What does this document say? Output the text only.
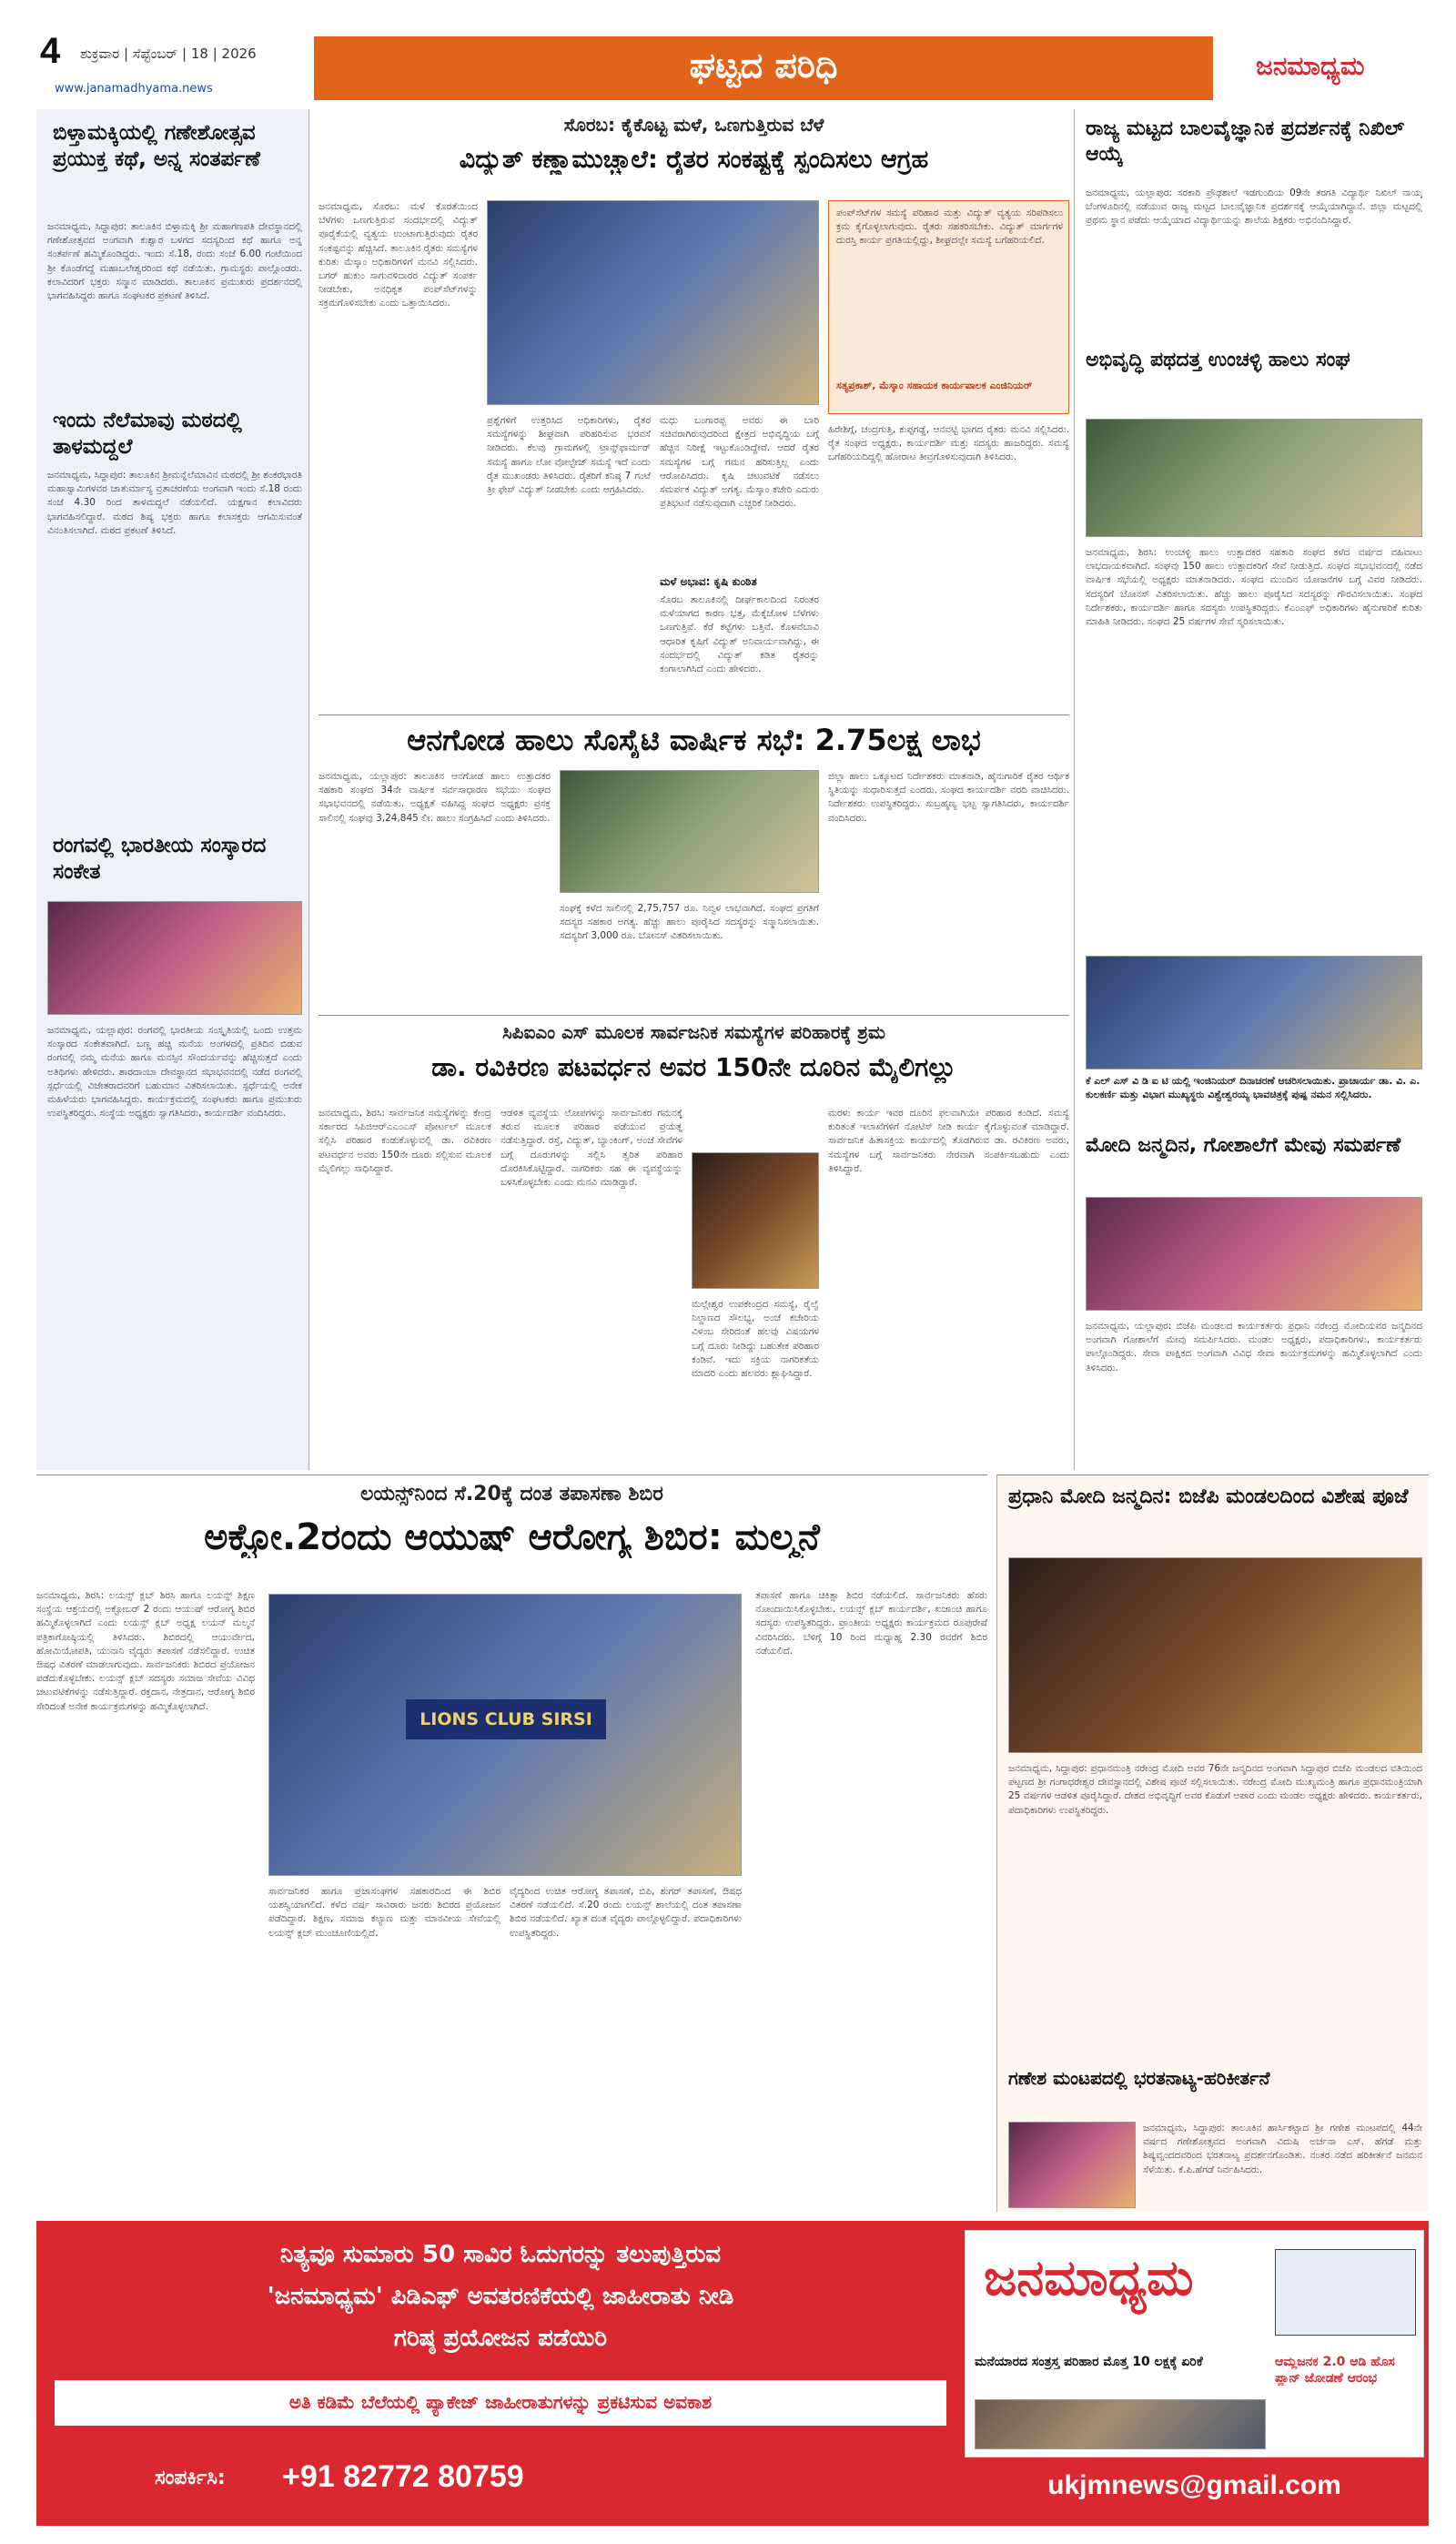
4 ಶುಕ್ರವಾರ | ಸೆಪ್ಟೆಂಬರ್ | 18 | 2026
www.janamadhyama.news
ಘಟ್ಟದ ಪರಿಧಿ	ಜನಮಾಧ್ಯಮ
ಬಿಳ್ತಾಮಕ್ಕಿಯಲ್ಲಿ ಗಣೇಶೋತ್ಸವ ಪ್ರಯುಕ್ತ ಕಥೆ, ಅನ್ನ ಸಂತರ್ಪಣೆ
ಜನಮಾಧ್ಯಮ, ಸಿದ್ದಾಪುರ: ತಾಲೂಕಿನ ಬಿಳ್ತಾಮಕ್ಕಿ ಶ್ರೀ ಮಹಾಗಣಪತಿ ದೇವಸ್ಥಾನದಲ್ಲಿ ಗಣೇಶೋತ್ಸವದ ಅಂಗವಾಗಿ ಕುಶ್ವಾರ ಬಳಗದ ಸದಸ್ಯರಿಂದ ಕಥೆ ಹಾಗೂ ಅನ್ನ ಸಂತರ್ಪಣೆ ಹಮ್ಮಿಕೊಂಡಿದ್ದರು. ಇಂದು ಸೆ.18, ರಂದು ಸಂಜೆ 6.00 ಗಂಟೆಯಿಂದ ಶ್ರೀ ಕೊಂಡೆಗದ್ದೆ ಮಹಾಬಲೇಶ್ವರರಿಂದ ಕಥೆ ನಡೆಯಿತು. ಗ್ರಾಮಸ್ಥರು ಪಾಲ್ಗೊಂಡರು. ಕಲಾವಿದರಿಗೆ ಭಕ್ತರು ಸನ್ಮಾನ ಮಾಡಿದರು. ತಾಲೂಕಿನ ಪ್ರಮುಖರು ಪ್ರದರ್ಶನದಲ್ಲಿ ಭಾಗವಹಿಸಿದ್ದರು ಹಾಗೂ ಸಂಘಟಕರ ಪ್ರಕಟಣೆ ತಿಳಿಸಿದೆ.
ಇಂದು ನೆಲೆಮಾವು ಮಠದಲ್ಲಿ ತಾಳಮದ್ದಲೆ
ಜನಮಾಧ್ಯಮ, ಸಿದ್ದಾಪುರ: ತಾಲೂಕಿನ ಶ್ರೀಮನ್ನೆಲೆಮಾವಿನ ಮಠದಲ್ಲಿ ಶ್ರೀ ಶಂಕರಭಾರತಿ ಮಹಾಸ್ವಾಮಿಗಳವರ ಚಾತುರ್ಮಾಸ್ಯ ವ್ರತಾಚರಣೆಯ ಅಂಗವಾಗಿ ಇಂದು ಸೆ.18 ರಂದು ಸಂಜೆ 4.30 ರಿಂದ ತಾಳಮದ್ದಲೆ ನಡೆಯಲಿದೆ. ಯಕ್ಷಗಾನ ಕಲಾವಿದರು ಭಾಗವಹಿಸಲಿದ್ದಾರೆ. ಮಠದ ಶಿಷ್ಯ ಭಕ್ತರು ಹಾಗೂ ಕಲಾಸಕ್ತರು ಆಗಮಿಸುವಂತೆ ವಿನಂತಿಸಲಾಗಿದೆ. ಮಠದ ಪ್ರಕಟಣೆ ತಿಳಿಸಿದೆ.
ರಂಗವಲ್ಲಿ ಭಾರತೀಯ ಸಂಸ್ಕಾರದ ಸಂಕೇತ
ಜನಮಾಧ್ಯಮ, ಯಲ್ಲಾಪುರ: ರಂಗವಲ್ಲಿ ಭಾರತೀಯ ಸಂಸ್ಕೃತಿಯಲ್ಲಿ ಒಂದು ಉತ್ತಮ ಸಂಸ್ಕಾರದ ಸಂಕೇತವಾಗಿದೆ. ಬಣ್ಣ ಹಚ್ಚಿ ಮನೆಯ ಅಂಗಳದಲ್ಲಿ ಪ್ರತಿದಿನ ಬಿಡುವ ರಂಗವಲ್ಲಿ ನಮ್ಮ ಮನೆಯ ಹಾಗೂ ಮನಸ್ಸಿನ ಸೌಂದರ್ಯವನ್ನು ಹೆಚ್ಚಿಸುತ್ತದೆ ಎಂದು ಅತಿಥಿಗಳು ಹೇಳಿದರು. ಶಾರದಾಂಬಾ ದೇವಸ್ಥಾನದ ಸಭಾಭವನದಲ್ಲಿ ನಡೆದ ರಂಗವಲ್ಲಿ ಸ್ಪರ್ಧೆಯಲ್ಲಿ ವಿಜೇತರಾದವರಿಗೆ ಬಹುಮಾನ ವಿತರಿಸಲಾಯಿತು. ಸ್ಪರ್ಧೆಯಲ್ಲಿ ಅನೇಕ ಮಹಿಳೆಯರು ಭಾಗವಹಿಸಿದ್ದರು. ಕಾರ್ಯಕ್ರಮದಲ್ಲಿ ಸಂಘಟಕರು ಹಾಗೂ ಪ್ರಮುಖರು ಉಪಸ್ಥಿತರಿದ್ದರು. ಸಂಸ್ಥೆಯ ಅಧ್ಯಕ್ಷರು ಸ್ವಾಗತಿಸಿದರು, ಕಾರ್ಯದರ್ಶಿ ವಂದಿಸಿದರು.
ಸೊರಬ: ಕೈಕೊಟ್ಟ ಮಳೆ, ಒಣಗುತ್ತಿರುವ ಬೆಳೆ
ವಿದ್ಯುತ್ ಕಣ್ಣಾಮುಚ್ಚಾಲೆ: ರೈತರ ಸಂಕಷ್ಟಕ್ಕೆ ಸ್ಪಂದಿಸಲು ಆಗ್ರಹ
ಜನಮಾಧ್ಯಮ, ಸೊರಬ: ಮಳೆ ಕೊರತೆಯಿಂದ ಬೆಳೆಗಳು ಒಣಗುತ್ತಿರುವ ಸಂದರ್ಭದಲ್ಲಿ ವಿದ್ಯುತ್ ಪೂರೈಕೆಯಲ್ಲಿ ವ್ಯತ್ಯಯ ಉಂಟಾಗುತ್ತಿರುವುದು ರೈತರ ಸಂಕಷ್ಟವನ್ನು ಹೆಚ್ಚಿಸಿದೆ. ತಾಲೂಕಿನ ರೈತರು ಸಮಸ್ಯೆಗಳ ಕುರಿತು ಮೆಸ್ಕಾಂ ಅಧಿಕಾರಿಗಳಿಗೆ ಮನವಿ ಸಲ್ಲಿಸಿದರು. ಬಗರ್ ಹುಕುಂ ಸಾಗುವಳಿದಾರರ ವಿದ್ಯುತ್ ಸಂಪರ್ಕ ನೀಡಬೇಕು, ಅನಧಿಕೃತ ಪಂಪ್‌ಸೆಟ್‌ಗಳನ್ನು ಸಕ್ರಮಗೊಳಿಸಬೇಕು ಎಂದು ಒತ್ತಾಯಿಸಿದರು.
ಪ್ರಶ್ನೆಗಳಿಗೆ ಉತ್ತರಿಸಿದ ಅಧಿಕಾರಿಗಳು, ರೈತರ ಸಮಸ್ಯೆಗಳನ್ನು ಶೀಘ್ರವಾಗಿ ಪರಿಹರಿಸುವ ಭರವಸೆ ನೀಡಿದರು. ಕೆಲವು ಗ್ರಾಮಗಳಲ್ಲಿ ಟ್ರಾನ್ಸ್‌ಫಾರ್ಮರ್ ಸಮಸ್ಯೆ ಹಾಗೂ ಲೋ ವೋಲ್ಟೇಜ್ ಸಮಸ್ಯೆ ಇದೆ ಎಂದು ರೈತ ಮುಖಂಡರು ತಿಳಿಸಿದರು. ರೈತರಿಗೆ ಕನಿಷ್ಠ 7 ಗಂಟೆ ತ್ರೀ ಫೇಸ್ ವಿದ್ಯುತ್ ನೀಡಬೇಕು ಎಂದು ಆಗ್ರಹಿಸಿದರು.
ಪಂಪ್‌ಸೆಟ್‌ಗಳ ಸಮಸ್ಯೆ ಪರಿಹಾರ ಮತ್ತು ವಿದ್ಯುತ್ ವ್ಯತ್ಯಯ ಸರಿಪಡಿಸಲು ಕ್ರಮ ಕೈಗೊಳ್ಳಲಾಗುವುದು. ರೈತರು ಸಹಕರಿಸಬೇಕು. ವಿದ್ಯುತ್ ಮಾರ್ಗಗಳ ದುರಸ್ತಿ ಕಾರ್ಯ ಪ್ರಗತಿಯಲ್ಲಿದ್ದು, ಶೀಘ್ರದಲ್ಲೇ ಸಮಸ್ಯೆ ಬಗೆಹರಿಯಲಿದೆ.
ಸತ್ಯಪ್ರಕಾಶ್, ಮೆಸ್ಕಾಂ ಸಹಾಯಕ ಕಾರ್ಯಪಾಲಕ ಎಂಜಿನಿಯರ್
ಮಧು ಬಂಗಾರಪ್ಪ ಅವರು ಈ ಬಾರಿ ಸಚಿವರಾಗಿರುವುದರಿಂದ ಕ್ಷೇತ್ರದ ಅಭಿವೃದ್ಧಿಯ ಬಗ್ಗೆ ಹೆಚ್ಚಿನ ನಿರೀಕ್ಷೆ ಇಟ್ಟುಕೊಂಡಿದ್ದೇವೆ. ಆದರೆ ರೈತರ ಸಮಸ್ಯೆಗಳ ಬಗ್ಗೆ ಗಮನ ಹರಿಸುತ್ತಿಲ್ಲ ಎಂದು ಆರೋಪಿಸಿದರು. ಕೃಷಿ ಚಟುವಟಿಕೆ ನಡೆಸಲು ಸಮರ್ಪಕ ವಿದ್ಯುತ್ ಅಗತ್ಯ. ಮೆಸ್ಕಾಂ ಕಚೇರಿ ಎದುರು ಪ್ರತಿಭಟನೆ ನಡೆಸುವುದಾಗಿ ಎಚ್ಚರಿಕೆ ನೀಡಿದರು.
ಮಳೆ ಅಭಾವ: ಕೃಷಿ ಕುಂಠಿತ
ಸೊರಬ ತಾಲೂಕಿನಲ್ಲಿ ದೀರ್ಘಕಾಲದಿಂದ ನಿರಂತರ ಮಳೆಯಾಗದ ಕಾರಣ ಭತ್ತ, ಮೆಕ್ಕೆಜೋಳ ಬೆಳೆಗಳು ಒಣಗುತ್ತಿವೆ. ಕೆರೆ ಕಟ್ಟೆಗಳು ಬತ್ತಿವೆ. ಕೊಳವೆಬಾವಿ ಆಧಾರಿತ ಕೃಷಿಗೆ ವಿದ್ಯುತ್ ಅನಿವಾರ್ಯವಾಗಿದ್ದು, ಈ ಸಂದರ್ಭದಲ್ಲಿ ವಿದ್ಯುತ್ ಕಡಿತ ರೈತರನ್ನು ಕಂಗಾಲಾಗಿಸಿದೆ ಎಂದು ಹೇಳಿದರು.
ಹಿರೇಶಿಗ್ಗೆ, ಚಂದ್ರಗುತ್ತಿ, ಕುಪ್ಪಗಡ್ಡೆ, ಆನವಟ್ಟಿ ಭಾಗದ ರೈತರು ಮನವಿ ಸಲ್ಲಿಸಿದರು. ರೈತ ಸಂಘದ ಅಧ್ಯಕ್ಷರು, ಕಾರ್ಯದರ್ಶಿ ಮತ್ತು ಸದಸ್ಯರು ಹಾಜರಿದ್ದರು. ಸಮಸ್ಯೆ ಬಗೆಹರಿಯದಿದ್ದಲ್ಲಿ ಹೋರಾಟ ತೀವ್ರಗೊಳಿಸುವುದಾಗಿ ತಿಳಿಸಿದರು.
ಆನಗೋಡ ಹಾಲು ಸೊಸೈಟಿ ವಾರ್ಷಿಕ ಸಭೆ: 2.75ಲಕ್ಷ ಲಾಭ
ಜನಮಾಧ್ಯಮ, ಯಲ್ಲಾಪುರ: ತಾಲೂಕಿನ ಆನಗೋಡ ಹಾಲು ಉತ್ಪಾದಕರ ಸಹಕಾರಿ ಸಂಘದ 34ನೇ ವಾರ್ಷಿಕ ಸರ್ವಸಾಧಾರಣ ಸಭೆಯು ಸಂಘದ ಸಭಾಭವನದಲ್ಲಿ ನಡೆಯಿತು. ಅಧ್ಯಕ್ಷತೆ ವಹಿಸಿದ್ದ ಸಂಘದ ಅಧ್ಯಕ್ಷರು ಪ್ರಸಕ್ತ ಸಾಲಿನಲ್ಲಿ ಸಂಘವು 3,24,845 ಲೀ. ಹಾಲು ಸಂಗ್ರಹಿಸಿದೆ ಎಂದು ತಿಳಿಸಿದರು.
ಸಂಘಕ್ಕೆ ಕಳೆದ ಸಾಲಿನಲ್ಲಿ 2,75,757 ರೂ. ನಿವ್ವಳ ಲಾಭವಾಗಿದೆ. ಸಂಘದ ಪ್ರಗತಿಗೆ ಸದಸ್ಯರ ಸಹಕಾರ ಅಗತ್ಯ. ಹೆಚ್ಚು ಹಾಲು ಪೂರೈಸಿದ ಸದಸ್ಯರನ್ನು ಸನ್ಮಾನಿಸಲಾಯಿತು. ಸದಸ್ಯರಿಗೆ 3,000 ರೂ. ಬೋನಸ್ ವಿತರಿಸಲಾಯಿತು.
ಜಿಲ್ಲಾ ಹಾಲು ಒಕ್ಕೂಟದ ನಿರ್ದೇಶಕರು ಮಾತನಾಡಿ, ಹೈನುಗಾರಿಕೆ ರೈತರ ಆರ್ಥಿಕ ಸ್ಥಿತಿಯನ್ನು ಸುಧಾರಿಸುತ್ತದೆ ಎಂದರು. ಸಂಘದ ಕಾರ್ಯದರ್ಶಿ ವರದಿ ವಾಚಿಸಿದರು. ನಿರ್ದೇಶಕರು ಉಪಸ್ಥಿತರಿದ್ದರು. ಸುಬ್ರಹ್ಮಣ್ಯ ಭಟ್ಟ ಸ್ವಾಗತಿಸಿದರು, ಕಾರ್ಯದರ್ಶಿ ವಂದಿಸಿದರು.
ಸಿಪಿಐಎಂ ಎಸ್ ಮೂಲಕ ಸಾರ್ವಜನಿಕ ಸಮಸ್ಯೆಗಳ ಪರಿಹಾರಕ್ಕೆ ಶ್ರಮ
ಡಾ. ರವಿಕಿರಣ ಪಟವರ್ಧನ ಅವರ 150ನೇ ದೂರಿನ ಮೈಲಿಗಲ್ಲು
ಜನಮಾಧ್ಯಮ, ಶಿರಸಿ: ಸಾರ್ವಜನಿಕ ಸಮಸ್ಯೆಗಳನ್ನು ಕೇಂದ್ರ ಸರ್ಕಾರದ ಸಿಪಿಜಿಆರ್‌ಎಎಂಎಸ್ ಪೋರ್ಟಲ್ ಮೂಲಕ ಸಲ್ಲಿಸಿ ಪರಿಹಾರ ಕಂಡುಕೊಳ್ಳುವಲ್ಲಿ ಡಾ. ರವಿಕಿರಣ ಪಟವರ್ಧನ ಅವರು 150ನೇ ದೂರು ಸಲ್ಲಿಸುವ ಮೂಲಕ ಮೈಲಿಗಲ್ಲು ಸಾಧಿಸಿದ್ದಾರೆ.
ಆಡಳಿತ ವ್ಯವಸ್ಥೆಯ ಲೋಪಗಳನ್ನು ಸಾರ್ವಜನಿಕರ ಗಮನಕ್ಕೆ ತರುವ ಮೂಲಕ ಪರಿಹಾರ ಪಡೆಯುವ ಪ್ರಯತ್ನ ನಡೆಸುತ್ತಿದ್ದಾರೆ. ರಸ್ತೆ, ವಿದ್ಯುತ್, ಬ್ಯಾಂಕಿಂಗ್, ಅಂಚೆ ಸೇವೆಗಳ ಬಗ್ಗೆ ದೂರುಗಳನ್ನು ಸಲ್ಲಿಸಿ ತ್ವರಿತ ಪರಿಹಾರ ದೊರಕಿಸಿಕೊಟ್ಟಿದ್ದಾರೆ. ನಾಗರಿಕರು ಸಹ ಈ ವ್ಯವಸ್ಥೆಯನ್ನು ಬಳಸಿಕೊಳ್ಳಬೇಕು ಎಂದು ಮನವಿ ಮಾಡಿದ್ದಾರೆ.
ಮಲ್ಲೇಶ್ವರ ಉಪಕೇಂದ್ರದ ಸಮಸ್ಯೆ, ರೈಲ್ವೆ ನಿಲ್ದಾಣದ ಸೌಲಭ್ಯ, ಅಂಚೆ ಕಚೇರಿಯ ವಿಳಂಬ ಸೇರಿದಂತೆ ಹಲವು ವಿಷಯಗಳ ಬಗ್ಗೆ ದೂರು ನೀಡಿದ್ದು ಬಹುತೇಕ ಪರಿಹಾರ ಕಂಡಿವೆ. ಇದು ಸಕ್ರಿಯ ನಾಗರಿಕತೆಯ ಮಾದರಿ ಎಂದು ಹಲವರು ಶ್ಲಾಘಿಸಿದ್ದಾರೆ.
ಮರಳು ಕಾರ್ಯ ಇವರ ದೂರಿನ ಫಲವಾಗಿಯೇ ಪರಿಹಾರ ಕಂಡಿದೆ. ಸಮಸ್ಯೆ ಕುರಿತಂತೆ ಇಲಾಖೆಗಳಿಗೆ ನೋಟಿಸ್ ನೀಡಿ ಕಾರ್ಯ ಕೈಗೊಳ್ಳುವಂತೆ ಮಾಡಿದ್ದಾರೆ. ಸಾರ್ವಜನಿಕ ಹಿತಾಸಕ್ತಿಯ ಕಾರ್ಯದಲ್ಲಿ ತೊಡಗಿರುವ ಡಾ. ರವಿಕಿರಣ ಅವರು, ಸಮಸ್ಯೆಗಳ ಬಗ್ಗೆ ಸಾರ್ವಜನಿಕರು ನೇರವಾಗಿ ಸಂಪರ್ಕಿಸಬಹುದು ಎಂದು ತಿಳಿಸಿದ್ದಾರೆ.
ರಾಜ್ಯ ಮಟ್ಟದ ಬಾಲವೈಜ್ಞಾನಿಕ ಪ್ರದರ್ಶನಕ್ಕೆ ನಿಖಿಲ್ ಆಯ್ಕೆ
ಜನಮಾಧ್ಯಮ, ಯಲ್ಲಾಪುರ: ಸರಕಾರಿ ಪ್ರೌಢಶಾಲೆ ಇಡಗುಂದಿಯ 09ನೇ ತರಗತಿ ವಿದ್ಯಾರ್ಥಿ ನಿಖಿಲ್ ನಾಯ್ಕ ಬೆಂಗಳೂರಿನಲ್ಲಿ ನಡೆಯುವ ರಾಜ್ಯ ಮಟ್ಟದ ಬಾಲವೈಜ್ಞಾನಿಕ ಪ್ರದರ್ಶನಕ್ಕೆ ಆಯ್ಕೆಯಾಗಿದ್ದಾನೆ. ಜಿಲ್ಲಾ ಮಟ್ಟದಲ್ಲಿ ಪ್ರಥಮ ಸ್ಥಾನ ಪಡೆದು ಆಯ್ಕೆಯಾದ ವಿದ್ಯಾರ್ಥಿಯನ್ನು ಶಾಲೆಯ ಶಿಕ್ಷಕರು ಅಭಿನಂದಿಸಿದ್ದಾರೆ.
ಅಭಿವೃದ್ಧಿ ಪಥದತ್ತ ಉಂಚಳ್ಳಿ ಹಾಲು ಸಂಘ
ಜನಮಾಧ್ಯಮ, ಶಿರಸಿ: ಉಂಚಳ್ಳಿ ಹಾಲು ಉತ್ಪಾದಕರ ಸಹಕಾರಿ ಸಂಘದ ಕಳೆದ ವರ್ಷದ ವಹಿವಾಟು ಲಾಭದಾಯಕವಾಗಿದೆ. ಸಂಘವು 150 ಹಾಲು ಉತ್ಪಾದಕರಿಗೆ ಸೇವೆ ನೀಡುತ್ತಿದೆ. ಸಂಘದ ಸಭಾಭವನದಲ್ಲಿ ನಡೆದ ವಾರ್ಷಿಕ ಸಭೆಯಲ್ಲಿ ಅಧ್ಯಕ್ಷರು ಮಾತನಾಡಿದರು. ಸಂಘದ ಮುಂದಿನ ಯೋಜನೆಗಳ ಬಗ್ಗೆ ವಿವರ ನೀಡಿದರು. ಸದಸ್ಯರಿಗೆ ಬೋನಸ್ ವಿತರಿಸಲಾಯಿತು. ಹೆಚ್ಚು ಹಾಲು ಪೂರೈಸಿದ ಸದಸ್ಯರನ್ನು ಗೌರವಿಸಲಾಯಿತು. ಸಂಘದ ನಿರ್ದೇಶಕರು, ಕಾರ್ಯದರ್ಶಿ ಹಾಗೂ ಸದಸ್ಯರು ಉಪಸ್ಥಿತರಿದ್ದರು. ಕೆಎಂಎಫ್ ಅಧಿಕಾರಿಗಳು ಹೈನುಗಾರಿಕೆ ಕುರಿತು ಮಾಹಿತಿ ನೀಡಿದರು. ಸಂಘದ 25 ವರ್ಷಗಳ ಸೇವೆ ಸ್ಮರಿಸಲಾಯಿತು.
ಕೆ ಎಲ್ ಎಸ್ ವಿ ಡಿ ಐ ಟಿ ಯಲ್ಲಿ ಇಂಜಿನಿಯರ್ ದಿನಾಚರಣೆ ಆಚರಿಸಲಾಯಿತು. ಪ್ರಾಚಾರ್ಯ ಡಾ. ವಿ. ಎ. ಕುಲಕರ್ಣಿ ಮತ್ತು ವಿಭಾಗ ಮುಖ್ಯಸ್ಥರು ವಿಶ್ವೇಶ್ವರಯ್ಯ ಭಾವಚಿತ್ರಕ್ಕೆ ಪುಷ್ಪ ನಮನ ಸಲ್ಲಿಸಿದರು.
ಮೋದಿ ಜನ್ಮದಿನ, ಗೋಶಾಲೆಗೆ ಮೇವು ಸಮರ್ಪಣೆ
ಜನಮಾಧ್ಯಮ, ಯಲ್ಲಾಪುರ: ಬಿಜೆಪಿ ಮಂಡಲದ ಕಾರ್ಯಕರ್ತರು ಪ್ರಧಾನಿ ನರೇಂದ್ರ ಮೋದಿಯವರ ಜನ್ಮದಿನದ ಅಂಗವಾಗಿ ಗೋಶಾಲೆಗೆ ಮೇವು ಸಮರ್ಪಿಸಿದರು. ಮಂಡಲ ಅಧ್ಯಕ್ಷರು, ಪದಾಧಿಕಾರಿಗಳು, ಕಾರ್ಯಕರ್ತರು ಪಾಲ್ಗೊಂಡಿದ್ದರು. ಸೇವಾ ಪಾಕ್ಷಿಕದ ಅಂಗವಾಗಿ ವಿವಿಧ ಸೇವಾ ಕಾರ್ಯಕ್ರಮಗಳನ್ನು ಹಮ್ಮಿಕೊಳ್ಳಲಾಗಿದೆ ಎಂದು ತಿಳಿಸಿದರು.
ಲಯನ್ಸ್‌ನಿಂದ ಸೆ.20ಕ್ಕೆ ದಂತ ತಪಾಸಣಾ ಶಿಬಿರ
ಅಕ್ಟೋ.2ರಂದು ಆಯುಷ್ ಆರೋಗ್ಯ ಶಿಬಿರ: ಮಲ್ಮನೆ
ಜನಮಾಧ್ಯಮ, ಶಿರಸಿ: ಲಯನ್ಸ್ ಕ್ಲಬ್ ಶಿರಸಿ ಹಾಗೂ ಲಯನ್ಸ್ ಶಿಕ್ಷಣ ಸಂಸ್ಥೆಯ ಆಶ್ರಯದಲ್ಲಿ ಅಕ್ಟೋಬರ್ 2 ರಂದು ಆಯುಷ್ ಆರೋಗ್ಯ ಶಿಬಿರ ಹಮ್ಮಿಕೊಳ್ಳಲಾಗಿದೆ ಎಂದು ಲಯನ್ಸ್ ಕ್ಲಬ್ ಅಧ್ಯಕ್ಷ ಲಯನ್ ಮಲ್ಮನೆ ಪತ್ರಿಕಾಗೋಷ್ಠಿಯಲ್ಲಿ ತಿಳಿಸಿದರು. ಶಿಬಿರದಲ್ಲಿ ಆಯುರ್ವೇದ, ಹೋಮಿಯೋಪತಿ, ಯುನಾನಿ ವೈದ್ಯರು ತಪಾಸಣೆ ನಡೆಸಲಿದ್ದಾರೆ. ಉಚಿತ ಔಷಧ ವಿತರಣೆ ಮಾಡಲಾಗುವುದು. ಸಾರ್ವಜನಿಕರು ಶಿಬಿರದ ಪ್ರಯೋಜನ ಪಡೆದುಕೊಳ್ಳಬೇಕು. ಲಯನ್ಸ್ ಕ್ಲಬ್ ಸದಸ್ಯರು ಸಮಾಜ ಸೇವೆಯ ವಿವಿಧ ಚಟುವಟಿಕೆಗಳನ್ನು ನಡೆಸುತ್ತಿದ್ದಾರೆ. ರಕ್ತದಾನ, ನೇತ್ರದಾನ, ಆರೋಗ್ಯ ಶಿಬಿರ ಸೇರಿದಂತೆ ಅನೇಕ ಕಾರ್ಯಕ್ರಮಗಳನ್ನು ಹಮ್ಮಿಕೊಳ್ಳಲಾಗಿದೆ.
LIONS CLUB SIRSI
ಸಾರ್ವಜನಿಕರ ಹಾಗೂ ಪ್ರಜಾಸಂಘಗಳ ಸಹಕಾರದಿಂದ ಈ ಶಿಬಿರ ಯಶಸ್ವಿಯಾಗಲಿದೆ. ಕಳೆದ ವರ್ಷ ಸಾವಿರಾರು ಜನರು ಶಿಬಿರದ ಪ್ರಯೋಜನ ಪಡೆದಿದ್ದಾರೆ. ಶಿಕ್ಷಣ, ಸಮಾಜ ಕಲ್ಯಾಣ ಮತ್ತು ಮಾನವೀಯ ಸೇವೆಯಲ್ಲಿ ಲಯನ್ಸ್ ಕ್ಲಬ್ ಮುಂಚೂಣಿಯಲ್ಲಿದೆ.
ವೈದ್ಯರಿಂದ ಉಚಿತ ಆರೋಗ್ಯ ತಪಾಸಣೆ, ಬಿಪಿ, ಶುಗರ್ ತಪಾಸಣೆ, ಔಷಧ ವಿತರಣೆ ನಡೆಯಲಿದೆ. ಸೆ.20 ರಂದು ಲಯನ್ಸ್ ಶಾಲೆಯಲ್ಲಿ ದಂತ ತಪಾಸಣಾ ಶಿಬಿರ ನಡೆಯಲಿದೆ. ಖ್ಯಾತ ದಂತ ವೈದ್ಯರು ಪಾಲ್ಗೊಳ್ಳಲಿದ್ದಾರೆ. ಪದಾಧಿಕಾರಿಗಳು ಉಪಸ್ಥಿತರಿದ್ದರು.
ತಪಾಸಣೆ ಹಾಗೂ ಚಿಕಿತ್ಸಾ ಶಿಬಿರ ನಡೆಯಲಿದೆ. ಸಾರ್ವಜನಿಕರು ಹೆಸರು ನೋಂದಾಯಿಸಿಕೊಳ್ಳಬೇಕು. ಲಯನ್ಸ್ ಕ್ಲಬ್ ಕಾರ್ಯದರ್ಶಿ, ಖಜಾಂಚಿ ಹಾಗೂ ಸದಸ್ಯರು ಉಪಸ್ಥಿತರಿದ್ದರು. ಪ್ರಾಂತೀಯ ಅಧ್ಯಕ್ಷರು ಕಾರ್ಯಕ್ರಮದ ರೂಪುರೇಷೆ ವಿವರಿಸಿದರು. ಬೆಳಿಗ್ಗೆ 10 ರಿಂದ ಮಧ್ಯಾಹ್ನ 2.30 ರವರೆಗೆ ಶಿಬಿರ ನಡೆಯಲಿದೆ.
ಪ್ರಧಾನಿ ಮೋದಿ ಜನ್ಮದಿನ: ಬಿಜೆಪಿ ಮಂಡಲದಿಂದ ವಿಶೇಷ ಪೂಜೆ
ಜನಮಾಧ್ಯಮ, ಸಿದ್ದಾಪುರ: ಪ್ರಧಾನಮಂತ್ರಿ ನರೇಂದ್ರ ಮೋದಿ ಅವರ 76ನೇ ಜನ್ಮದಿನದ ಅಂಗವಾಗಿ ಸಿದ್ದಾಪುರ ಬಿಜೆಪಿ ಮಂಡಲದ ವತಿಯಿಂದ ಪಟ್ಟಣದ ಶ್ರೀ ಗಂಗಾಧರೇಶ್ವರ ದೇವಸ್ಥಾನದಲ್ಲಿ ವಿಶೇಷ ಪೂಜೆ ಸಲ್ಲಿಸಲಾಯಿತು. ನರೇಂದ್ರ ಮೋದಿ ಮುಖ್ಯಮಂತ್ರಿ ಹಾಗೂ ಪ್ರಧಾನಮಂತ್ರಿಯಾಗಿ 25 ವರ್ಷಗಳ ಆಡಳಿತ ಪೂರೈಸಿದ್ದಾರೆ. ದೇಶದ ಅಭಿವೃದ್ಧಿಗೆ ಅವರ ಕೊಡುಗೆ ಅಪಾರ ಎಂದು ಮಂಡಲ ಅಧ್ಯಕ್ಷರು ಹೇಳಿದರು. ಕಾರ್ಯಕರ್ತರು, ಪದಾಧಿಕಾರಿಗಳು ಉಪಸ್ಥಿತರಿದ್ದರು.
ಗಣೇಶ ಮಂಟಪದಲ್ಲಿ ಭರತನಾಟ್ಯ-ಹರಿಕೀರ್ತನೆ
ಜನಮಾಧ್ಯಮ, ಸಿದ್ದಾಪುರ: ತಾಲೂಕಿನ ಹಾರ್ಸಿಕಟ್ಟಾದ ಶ್ರೀ ಗಣೇಶ ಮಂಟಪದಲ್ಲಿ 44ನೇ ವರ್ಷದ ಗಣೇಶೋತ್ಸವದ ಅಂಗವಾಗಿ ವಿದುಷಿ ಅರ್ಚನಾ ಎಸ್. ಹೆಗಡೆ ಮತ್ತು ಶಿಷ್ಯವೃಂದದವರಿಂದ ಭರತನಾಟ್ಯ ಪ್ರದರ್ಶನಗೊಂಡಿತು. ನಂತರ ನಡೆದ ಹರಿಕೀರ್ತನೆ ಜನಮನ ಸೆಳೆಯಿತು. ಕೆ.ಪಿ.ಹೆಗಡೆ ನಿರ್ವಹಿಸಿದರು.
ನಿತ್ಯವೂ ಸುಮಾರು 50 ಸಾವಿರ ಓದುಗರನ್ನು ತಲುಪುತ್ತಿರುವ
'ಜನಮಾಧ್ಯಮ' ಪಿಡಿಎಫ್ ಅವತರಣಿಕೆಯಲ್ಲಿ ಜಾಹೀರಾತು ನೀಡಿ
ಗರಿಷ್ಠ ಪ್ರಯೋಜನ ಪಡೆಯಿರಿ
ಅತಿ ಕಡಿಮೆ ಬೆಲೆಯಲ್ಲಿ ಪ್ಯಾಕೇಜ್ ಜಾಹೀರಾತುಗಳನ್ನು ಪ್ರಕಟಿಸುವ ಅವಕಾಶ
ಸಂಪರ್ಕಿಸಿ: +91 82772 80759
ಜನಮಾಧ್ಯಮ
ಮನೆಯಾರದ ಸಂತ್ರಸ್ತ ಪರಿಹಾರ ಮೊತ್ತ 10 ಲಕ್ಷಕ್ಕೆ ಏರಿಕೆ	ಆಮ್ಲಜನಕ 2.0 ಆಡಿ ಹೊಸ ಪ್ಲಾನ್ ಜೋಡಣೆ ಆರಂಭ
ukjmnews@gmail.com
